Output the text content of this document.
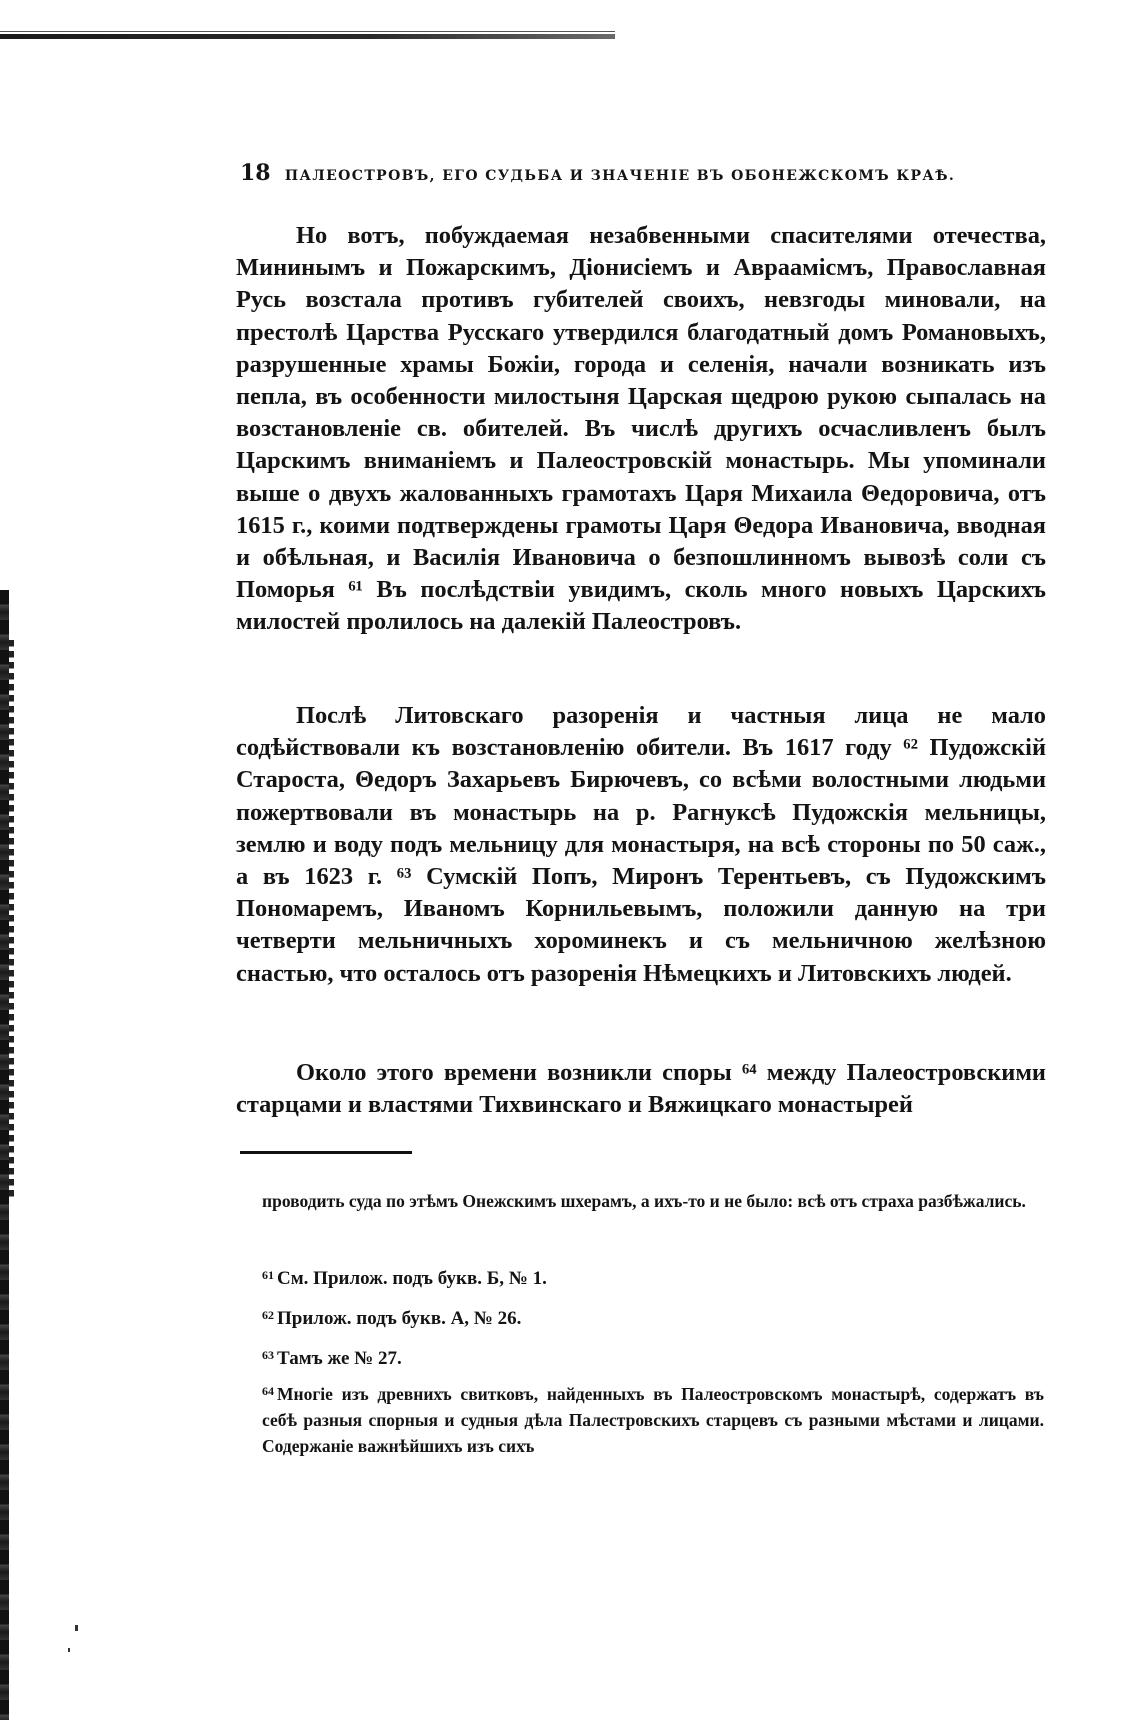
18 ПАЛЕОСТРОВЪ, ЕГО СУДЬБА И ЗНАЧЕНІЕ ВЪ ОБОНЕЖСКОМЪ КРАѢ.

Но вотъ, побуждаемая незабвенными спасителями отечества, Мининымъ и Пожарскимъ, Діонисіемъ и Авраамісмъ, Православная Русь возстала противъ губителей своихъ, невзгоды миновали, на престолѣ Царства Русскаго утвердился благодатный домъ Романовыхъ, разрушенные храмы Божіи, города и селенія, начали возникать изъ пепла, въ особенности милостыня Царская щедрою рукою сыпалась на возстановленіе св. обителей. Въ числѣ другихъ осчасливленъ былъ Царскимъ вниманіемъ и Палеостровскій монастырь. Мы упоминали выше о двухъ жалованныхъ грамотахъ Царя Михаила Θедоровича, отъ 1615 г., коими подтверждены грамоты Царя Θедора Ивановича, вводная и обѣльная, и Василія Ивановича о безпошлинномъ вывозѣ соли съ Поморья ⁶¹ Въ послѣдствіи увидимъ, сколь много новыхъ Царскихъ милостей пролилось на далекій Палеостровъ.

Послѣ Литовскаго разоренія и частныя лица не мало содѣйствовали къ возстановленію обители. Въ 1617 году ⁶² Пудожскій Староста, Θедоръ Захарьевъ Бирючевъ, со всѣми волостными людьми пожертвовали въ монастырь на р. Рагнуксѣ Пудожскія мельницы, землю и воду подъ мельницу для монастыря, на всѣ стороны по 50 саж., а въ 1623 г. ⁶³ Сумскій Попъ, Миронъ Терентьевъ, съ Пудожскимъ Пономаремъ, Иваномъ Корнильевымъ, положили данную на три четверти мельничныхъ хороминекъ и съ мельничною желѣзною снастью, что осталось отъ разоренія Нѣмецкихъ и Литовскихъ людей.

Около этого времени возникли споры ⁶⁴ между Палеостровскими старцами и властями Тихвинскаго и Вяжицкаго монастырей

проводить суда по этѣмъ Онежскимъ шхерамъ, а ихъ-то и не было: всѣ отъ страха разбѣжались.

$^{61}$ См. Прилож. подъ букв. Б, № 1.

$^{62}$ Прилож. подъ букв. А, № 26.

$^{63}$ Тамъ же № 27.

$^{64}$ Многіе изъ древнихъ свитковъ, найденныхъ въ Палеостровскомъ монастырѣ, содержатъ въ себѣ разныя спорныя и судныя дѣла Палестровскихъ старцевъ съ разными мѣстами и лицами. Содержаніе важнѣйшихъ изъ сихъ
